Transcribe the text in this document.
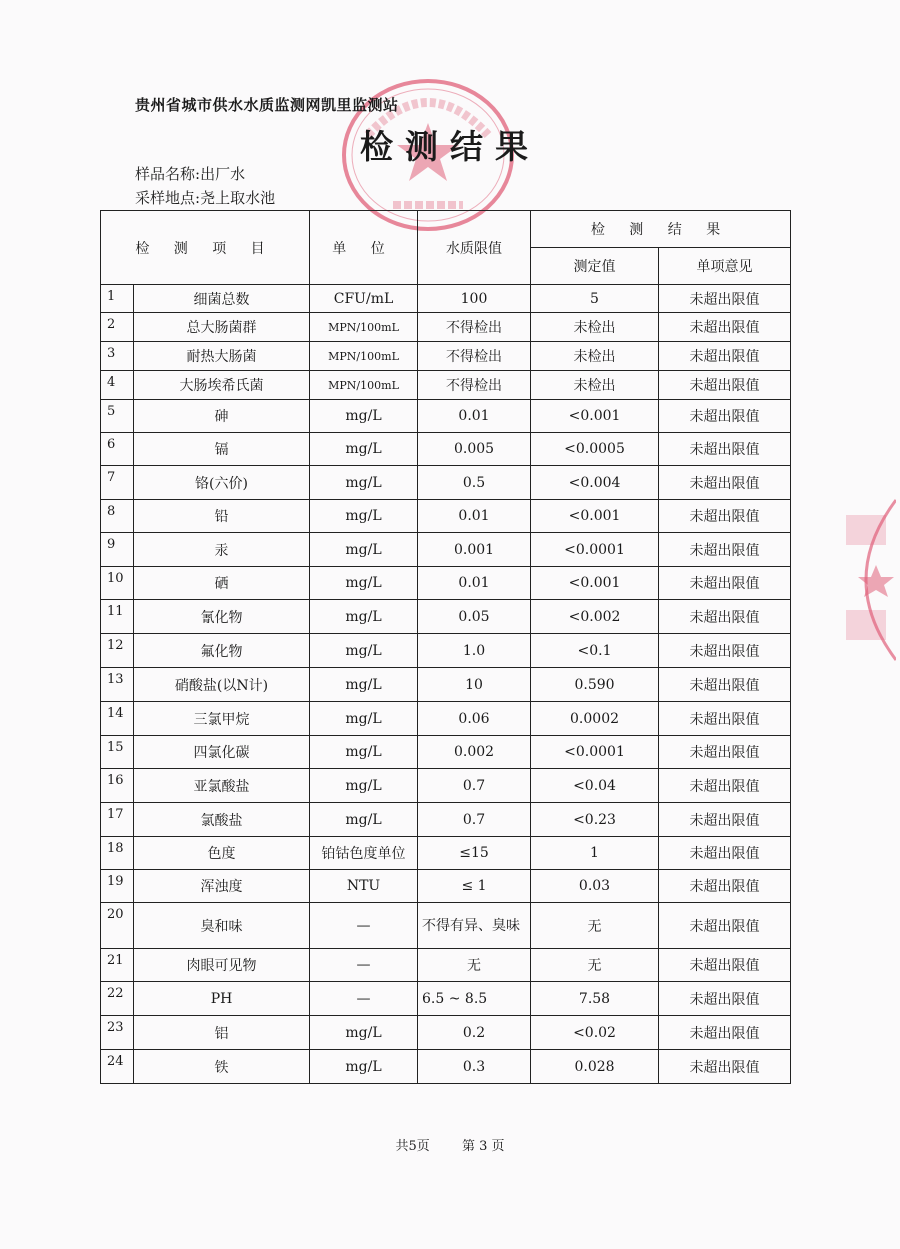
贵州省城市供水水质监测网凯里监测站
检测结果
样品名称:出厂水
采样地点:尧上取水池
检 测 项 目		单 位	水质限值	检 测 结 果	
				测定值	单项意见
1	细菌总数	CFU/mL	100	5	未超出限值
2	总大肠菌群	MPN/100mL	不得检出	未检出	未超出限值
3	耐热大肠菌	MPN/100mL	不得检出	未检出	未超出限值
4	大肠埃希氏菌	MPN/100mL	不得检出	未检出	未超出限值
5	砷	mg/L	0.01	<0.001	未超出限值
6	镉	mg/L	0.005	<0.0005	未超出限值
7	铬(六价)	mg/L	0.5	<0.004	未超出限值
8	铅	mg/L	0.01	<0.001	未超出限值
9	汞	mg/L	0.001	<0.0001	未超出限值
10	硒	mg/L	0.01	<0.001	未超出限值
11	氰化物	mg/L	0.05	<0.002	未超出限值
12	氟化物	mg/L	1.0	<0.1	未超出限值
13	硝酸盐(以N计)	mg/L	10	0.590	未超出限值
14	三氯甲烷	mg/L	0.06	0.0002	未超出限值
15	四氯化碳	mg/L	0.002	<0.0001	未超出限值
16	亚氯酸盐	mg/L	0.7	<0.04	未超出限值
17	氯酸盐	mg/L	0.7	<0.23	未超出限值
18	色度	铂钴色度单位	≤15	1	未超出限值
19	浑浊度	NTU	≤ 1	0.03	未超出限值
20	臭和味	—	不得有异、臭味	无	未超出限值
21	肉眼可见物	—	无	无	未超出限值
22	PH	—	6.5 ~ 8.5	7.58	未超出限值
23	铝	mg/L	0.2	<0.02	未超出限值
24	铁	mg/L	0.3	0.028	未超出限值
共5页 第 3 页
